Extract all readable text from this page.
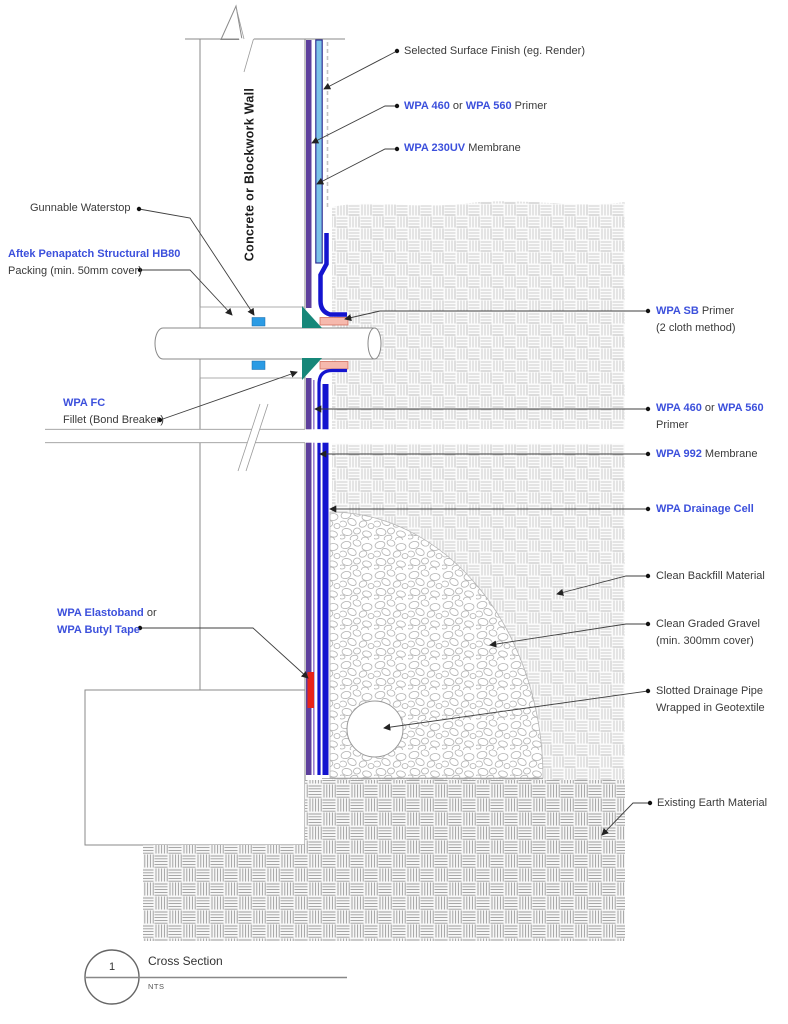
Concrete or Blockwork Wall
Selected Surface Finish (eg. Render)
WPA 460 or WPA 560 Primer
WPA 230UV Membrane
Gunnable Waterstop
Aftek Penapatch Structural HB80
Packing (min. 50mm cover)
WPA FC
Fillet (Bond Breaker)
WPA Elastoband or
WPA Butyl Tape
WPA SB Primer
(2 cloth method)
WPA 460 or WPA 560
Primer
WPA 992 Membrane
WPA Drainage Cell
Clean Backfill Material
Clean Graded Gravel
(min. 300mm cover)
Slotted Drainage Pipe
Wrapped in Geotextile
Existing Earth Material
1	Cross Section
NTS
